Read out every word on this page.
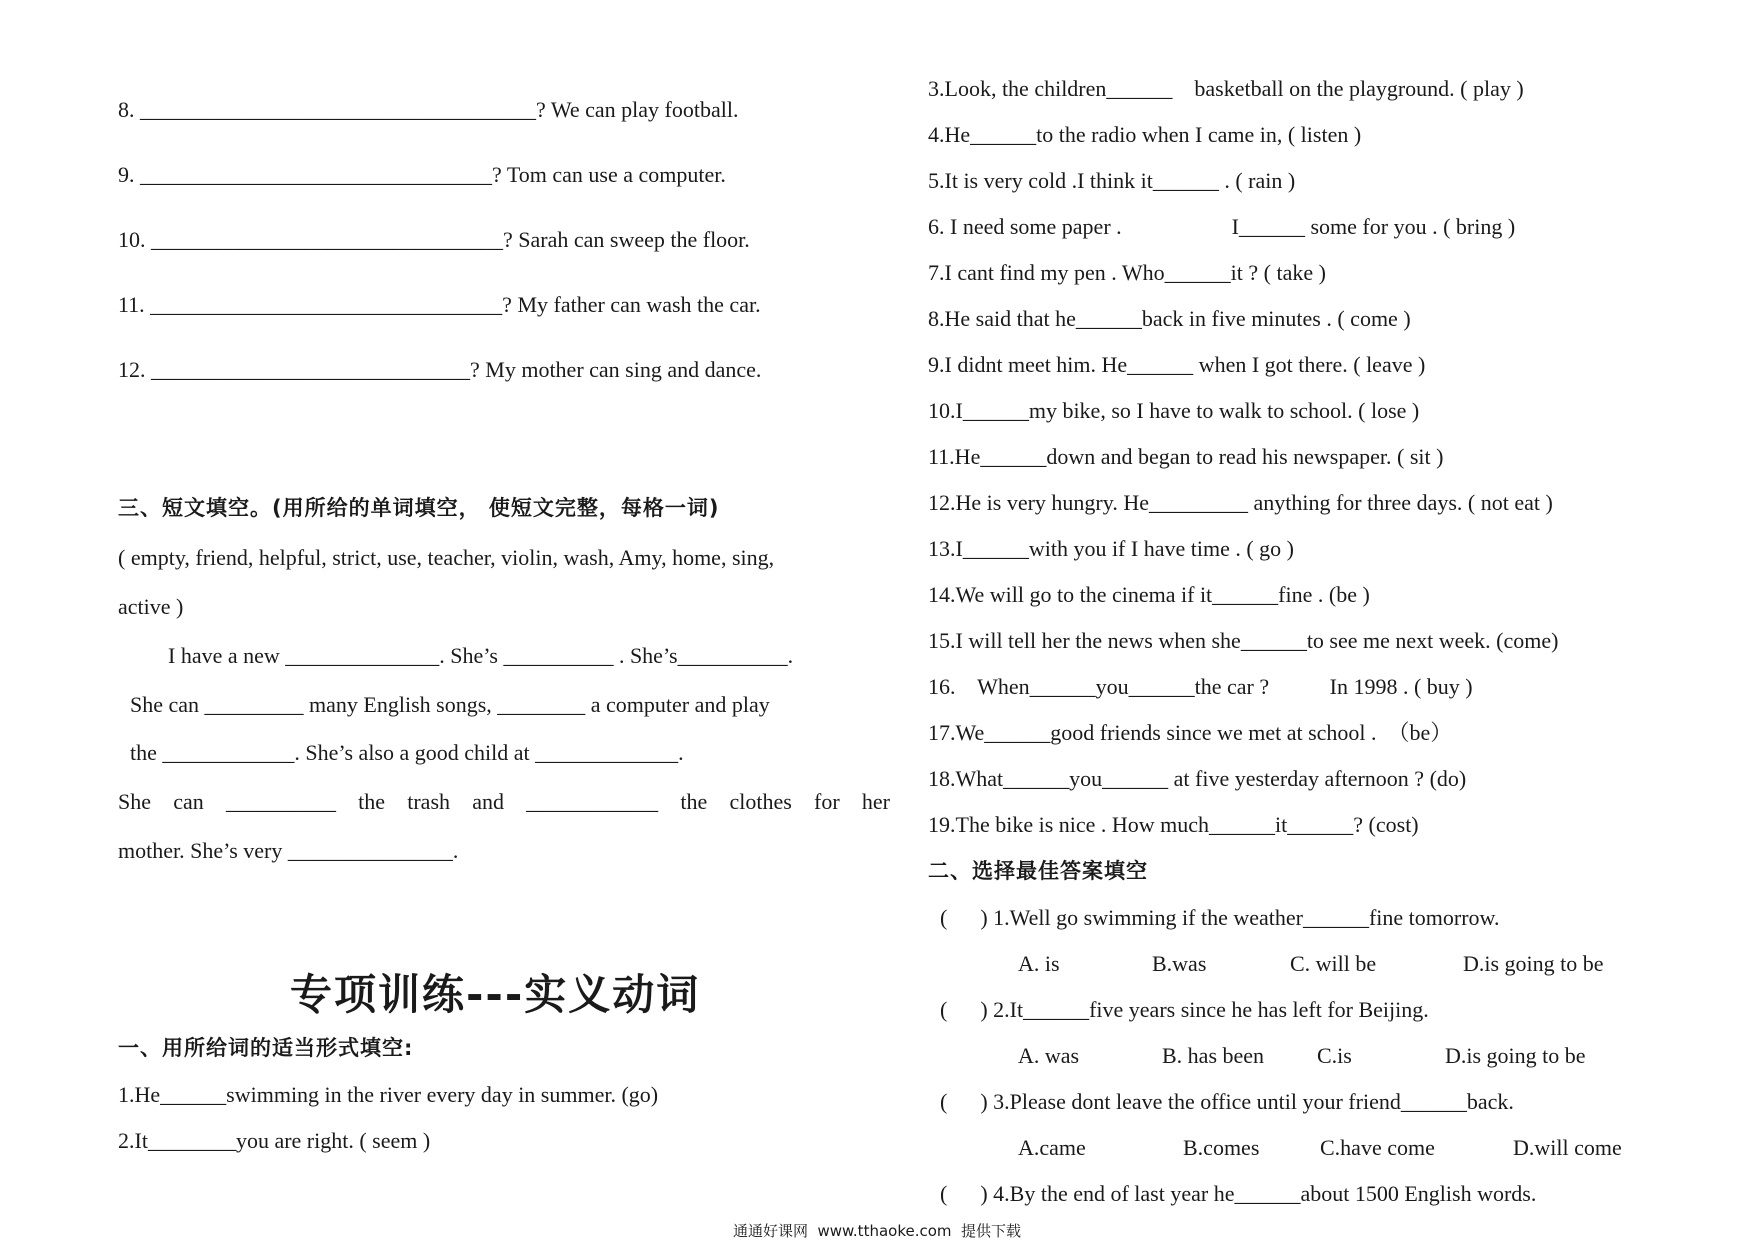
8. ____________________________________? We can play football.
9. ________________________________? Tom can use a computer.
10. ________________________________? Sarah can sweep the floor.
11. ________________________________? My father can wash the car.
12. _____________________________? My mother can sing and dance.
三、短文填空。(用所给的单词填空， 使短文完整，每格一词)
( empty, friend, helpful, strict, use, teacher, violin, wash, Amy, home, sing,
active )
I have a new ______________. She’s __________ . She’s__________.
She can _________ many English songs, ________ a computer and play
the ____________. She’s also a good child at _____________.
She can __________ the trash and ____________ the clothes for her
mother. She’s very _______________.
专项训练---实义动词
一、用所给词的适当形式填空:
1.He______swimming in the river every day in summer. (go)
2.It________you are right. ( seem )
3.Look, the children______    basketball on the playground. ( play )
4.He______to the radio when I came in, ( listen )
5.It is very cold .I think it______ . ( rain )
6. I need some paper .                    I______ some for you . ( bring )
7.I cant find my pen . Who______it ? ( take )
8.He said that he______back in five minutes . ( come )
9.I didnt meet him. He______ when I got there. ( leave )
10.I______my bike, so I have to walk to school. ( lose )
11.He______down and began to read his newspaper. ( sit )
12.He is very hungry. He_________ anything for three days. ( not eat )
13.I______with you if I have time . ( go )
14.We will go to the cinema if it______fine . (be )
15.I will tell her the news when she______to see me next week. (come)
16.    When______you______the car ?           In 1998 . ( buy )
17.We______good friends since we met at school .  （be）
18.What______you______ at five yesterday afternoon ? (do)
19.The bike is nice . How much______it______? (cost)
二、选择最佳答案填空
(      ) 1.Well go swimming if the weather______fine tomorrow.
A. is	B.was	C. will be	D.is going to be
(      ) 2.It______five years since he has left for Beijing.
A. was	B. has been C.is	D.is going to be
(      ) 3.Please dont leave the office until your friend______back.
A.came	B.comes	C.have come	D.will come
(      ) 4.By the end of last year he______about 1500 English words.
通通好课网  www.tthaoke.com  提供下载
